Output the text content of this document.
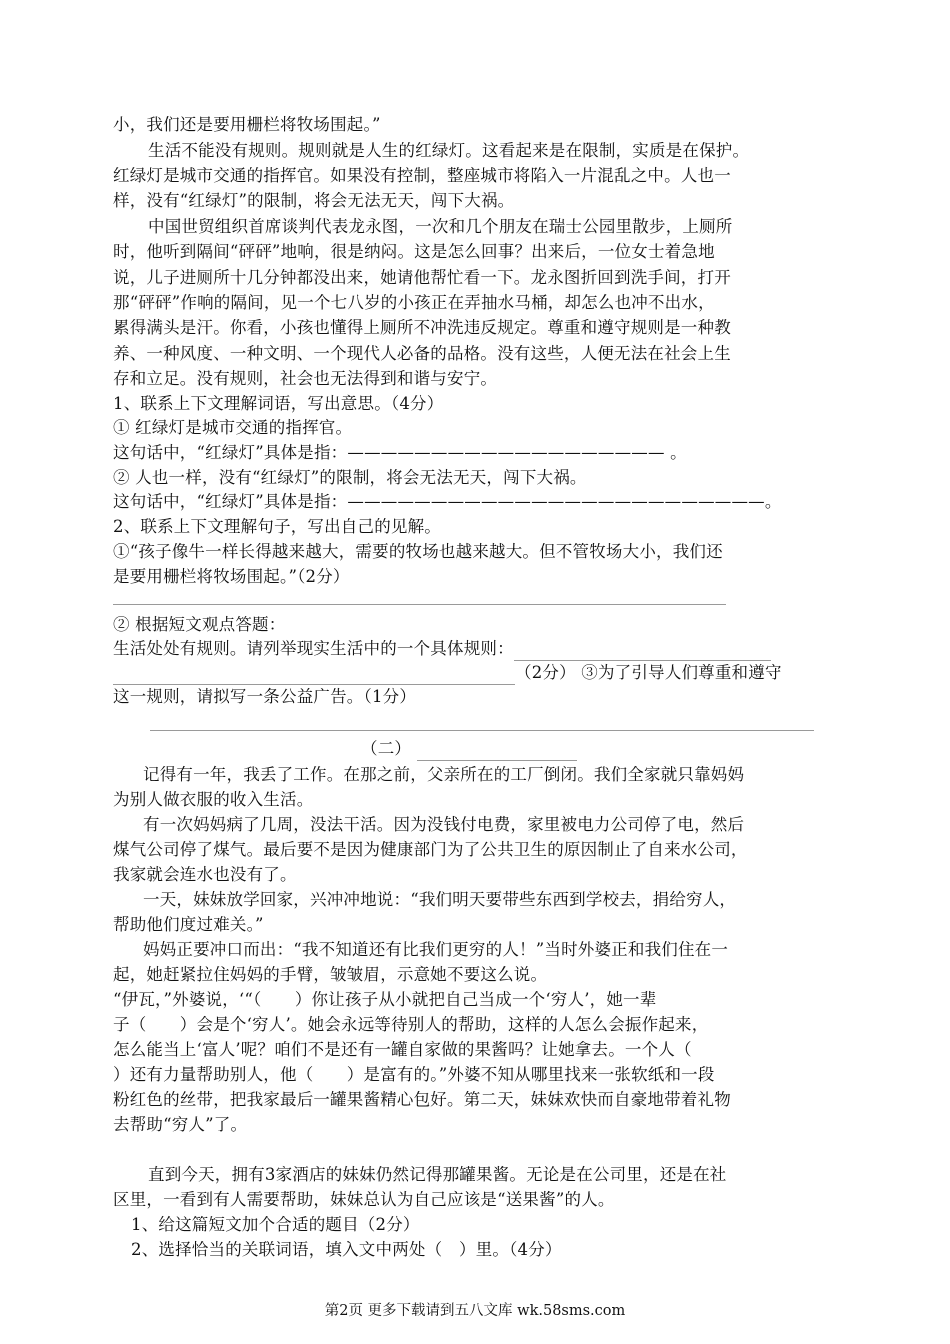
小，我们还是要用栅栏将牧场围起。”
生活不能没有规则。规则就是人生的红绿灯。这看起来是在限制，实质是在保护。
红绿灯是城市交通的指挥官。如果没有控制，整座城市将陷入一片混乱之中。人也一
样，没有“红绿灯”的限制，将会无法无天，闯下大祸。
中国世贸组织首席谈判代表龙永图，一次和几个朋友在瑞士公园里散步，上厕所
时，他听到隔间“砰砰”地响，很是纳闷。这是怎么回事？出来后，一位女士着急地
说，儿子进厕所十几分钟都没出来，她请他帮忙看一下。龙永图折回到洗手间，打开
那“砰砰”作响的隔间，见一个七八岁的小孩正在弄抽水马桶，却怎么也冲不出水，
累得满头是汗。你看，小孩也懂得上厕所不冲洗违反规定。尊重和遵守规则是一种教
养、一种风度、一种文明、一个现代人必备的品格。没有这些，人便无法在社会上生
存和立足。没有规则，社会也无法得到和谐与安宁。
1、联系上下文理解词语，写出意思。（4分）
① 红绿灯是城市交通的指挥官。
这句话中，“红绿灯”具体是指：——————————————————— 。
② 人也一样，没有“红绿灯”的限制，将会无法无天，闯下大祸。
这句话中，“红绿灯”具体是指：—————————————————————————。
2、联系上下文理解句子，写出自己的见解。
①“孩子像牛一样长得越来越大，需要的牧场也越来越大。但不管牧场大小，我们还
是要用栅栏将牧场围起。”（2分）
② 根据短文观点答题：
生活处处有规则。请列举现实生活中的一个具体规则：
（2分） ③为了引导人们尊重和遵守
这一规则，请拟写一条公益广告。（1分）
（二）
记得有一年，我丢了工作。在那之前，父亲所在的工厂倒闭。我们全家就只靠妈妈
为别人做衣服的收入生活。
有一次妈妈病了几周，没法干活。因为没钱付电费，家里被电力公司停了电，然后
煤气公司停了煤气。最后要不是因为健康部门为了公共卫生的原因制止了自来水公司，
我家就会连水也没有了。
一天，妹妹放学回家，兴冲冲地说：“我们明天要带些东西到学校去，捐给穷人，
帮助他们度过难关。”
妈妈正要冲口而出：“我不知道还有比我们更穷的人！”当时外婆正和我们住在一
起，她赶紧拉住妈妈的手臂，皱皱眉，示意她不要这么说。
“伊瓦，”外婆说，‘“（　　）你让孩子从小就把自己当成一个‘穷人’，她一辈
子（　　）会是个‘穷人’。她会永远等待别人的帮助，这样的人怎么会振作起来，
怎么能当上‘富人’呢？咱们不是还有一罐自家做的果酱吗？让她拿去。一个人（
）还有力量帮助别人，他（　　）是富有的。”外婆不知从哪里找来一张软纸和一段
粉红色的丝带，把我家最后一罐果酱精心包好。第二天，妹妹欢快而自豪地带着礼物
去帮助“穷人”了。
直到今天，拥有3家酒店的妹妹仍然记得那罐果酱。无论是在公司里，还是在社
区里，一看到有人需要帮助，妹妹总认为自己应该是“送果酱”的人。
1、给这篇短文加个合适的题目（2分）
2、选择恰当的关联词语，填入文中两处（　）里。（4分）
第2页 更多下载请到五八文库 wk.58sms.com
